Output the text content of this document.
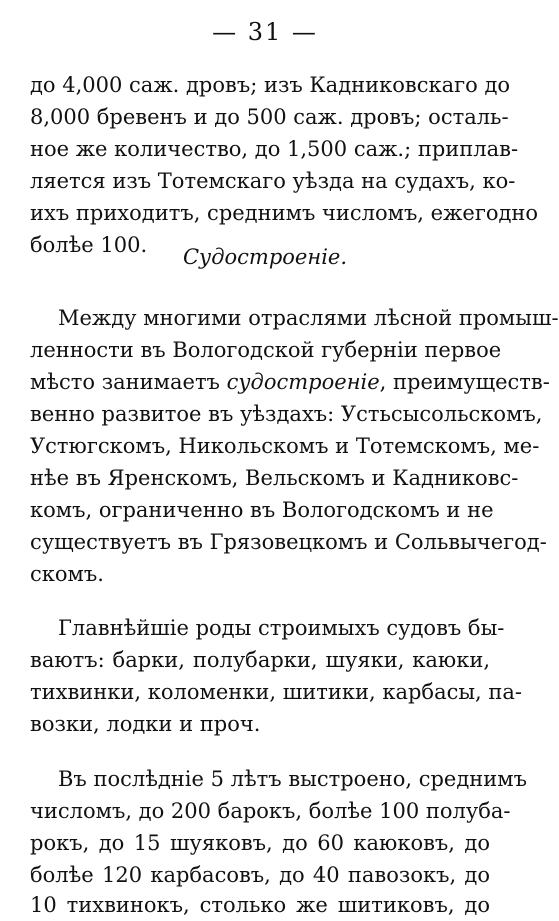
— 31 —
до 4,000 саж. дровъ; изъ Кадниковскаго до
8,000 бревенъ и до 500 саж. дровъ; осталь-
ное же количество, до 1,500 саж.; приплав-
ляется изъ Тотемскаго уѣзда на судахъ, ко-
ихъ приходитъ, среднимъ числомъ, ежегодно
болѣе 100.	Судостроеніе.
Между многими отраслями лѣсной промыш-
ленности въ Вологодской губерніи первое
мѣсто занимаетъ судостроеніе, преимуществ-
венно развитое въ уѣздахъ: Устьсысольскомъ,
Устюгскомъ, Никольскомъ и Тотемскомъ, ме-
нѣе въ Яренскомъ, Вельскомъ и Кадниковс-
комъ, ограниченно въ Вологодскомъ и не
существуетъ въ Грязовецкомъ и Сольвычегод-
скомъ.
Главнѣйшіе роды строимыхъ судовъ бы-
ваютъ: барки, полубарки, шуяки, каюки,
тихвинки, коломенки, шитики, карбасы, па-
возки, лодки и проч.
Въ послѣдніе 5 лѣтъ выстроено, среднимъ
числомъ, до 200 барокъ, болѣе 100 полуба-
рокъ, до 15 шуяковъ, до 60 каюковъ, до
болѣе 120 карбасовъ, до 40 павозокъ, до
10 тихвинокъ, столько же шитиковъ, до
